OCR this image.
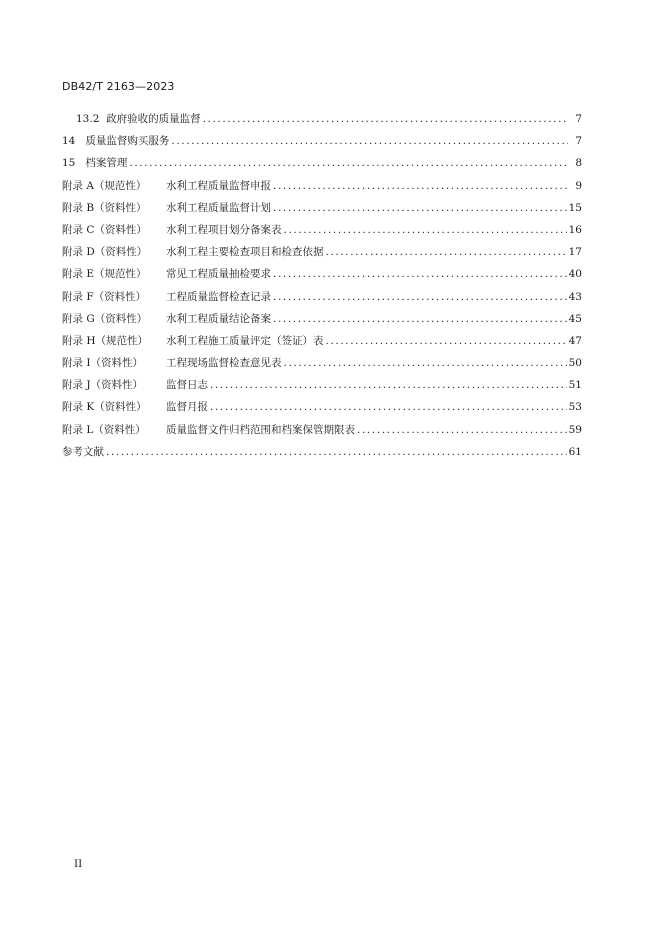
DB42/T 2163—2023
13.2 政府验收的质量监督 .....	7
14 质量监督购买服务 .....	7
15 档案管理 .....	8
附录 A（规范性） 水利工程质量监督申报 .....	9
附录 B（资料性） 水利工程质量监督计划 .....	15
附录 C（资料性） 水利工程项目划分备案表 .....	16
附录 D（资料性） 水利工程主要检查项目和检查依据 .....	17
附录 E（规范性） 常见工程质量抽检要求 .....	40
附录 F（资料性） 工程质量监督检查记录 .....	43
附录 G（资料性） 水利工程质量结论备案 .....	45
附录 H（规范性） 水利工程施工质量评定（签证）表 .....	47
附录 I（资料性） 工程现场监督检查意见表 .....	50
附录 J（资料性） 监督日志 .....	51
附录 K（资料性） 监督月报 .....	53
附录 L（资料性） 质量监督文件归档范围和档案保管期限表 .....	59
参考文献 .....	61
II
